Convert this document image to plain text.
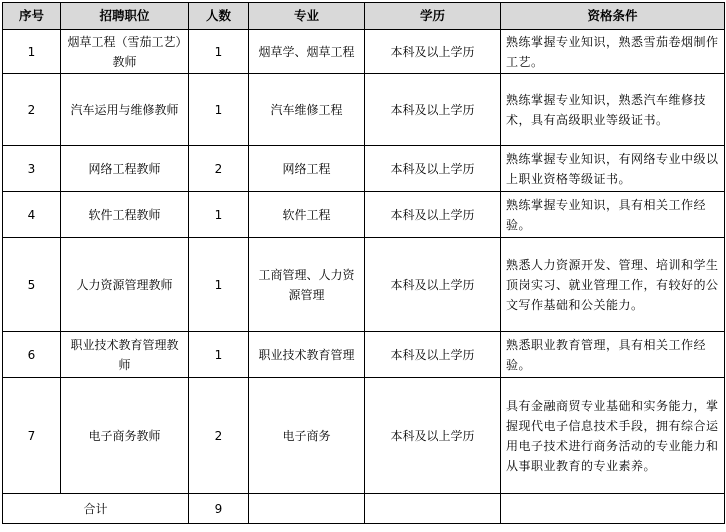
序号	招聘职位	人数	专业	学历	资格条件
1	烟草工程（雪茄工艺）教师	1	烟草学、烟草工程	本科及以上学历	熟练掌握专业知识，熟悉雪茄卷烟制作工艺。
2	汽车运用与维修教师	1	汽车维修工程	本科及以上学历	熟练掌握专业知识，熟悉汽车维修技术，具有高级职业等级证书。
3	网络工程教师	2	网络工程	本科及以上学历	熟练掌握专业知识，有网络专业中级以上职业资格等级证书。
4	软件工程教师	1	软件工程	本科及以上学历	熟练掌握专业知识，具有相关工作经验。
5	人力资源管理教师	1	工商管理、人力资源管理	本科及以上学历	熟悉人力资源开发、管理、培训和学生顶岗实习、就业管理工作，有较好的公文写作基础和公关能力。
6	职业技术教育管理教师	1	职业技术教育管理	本科及以上学历	熟悉职业教育管理，具有相关工作经验。
7	电子商务教师	2	电子商务	本科及以上学历	具有金融商贸专业基础和实务能力，掌握现代电子信息技术手段，拥有综合运用电子技术进行商务活动的专业能力和从事职业教育的专业素养。
合计		9			
